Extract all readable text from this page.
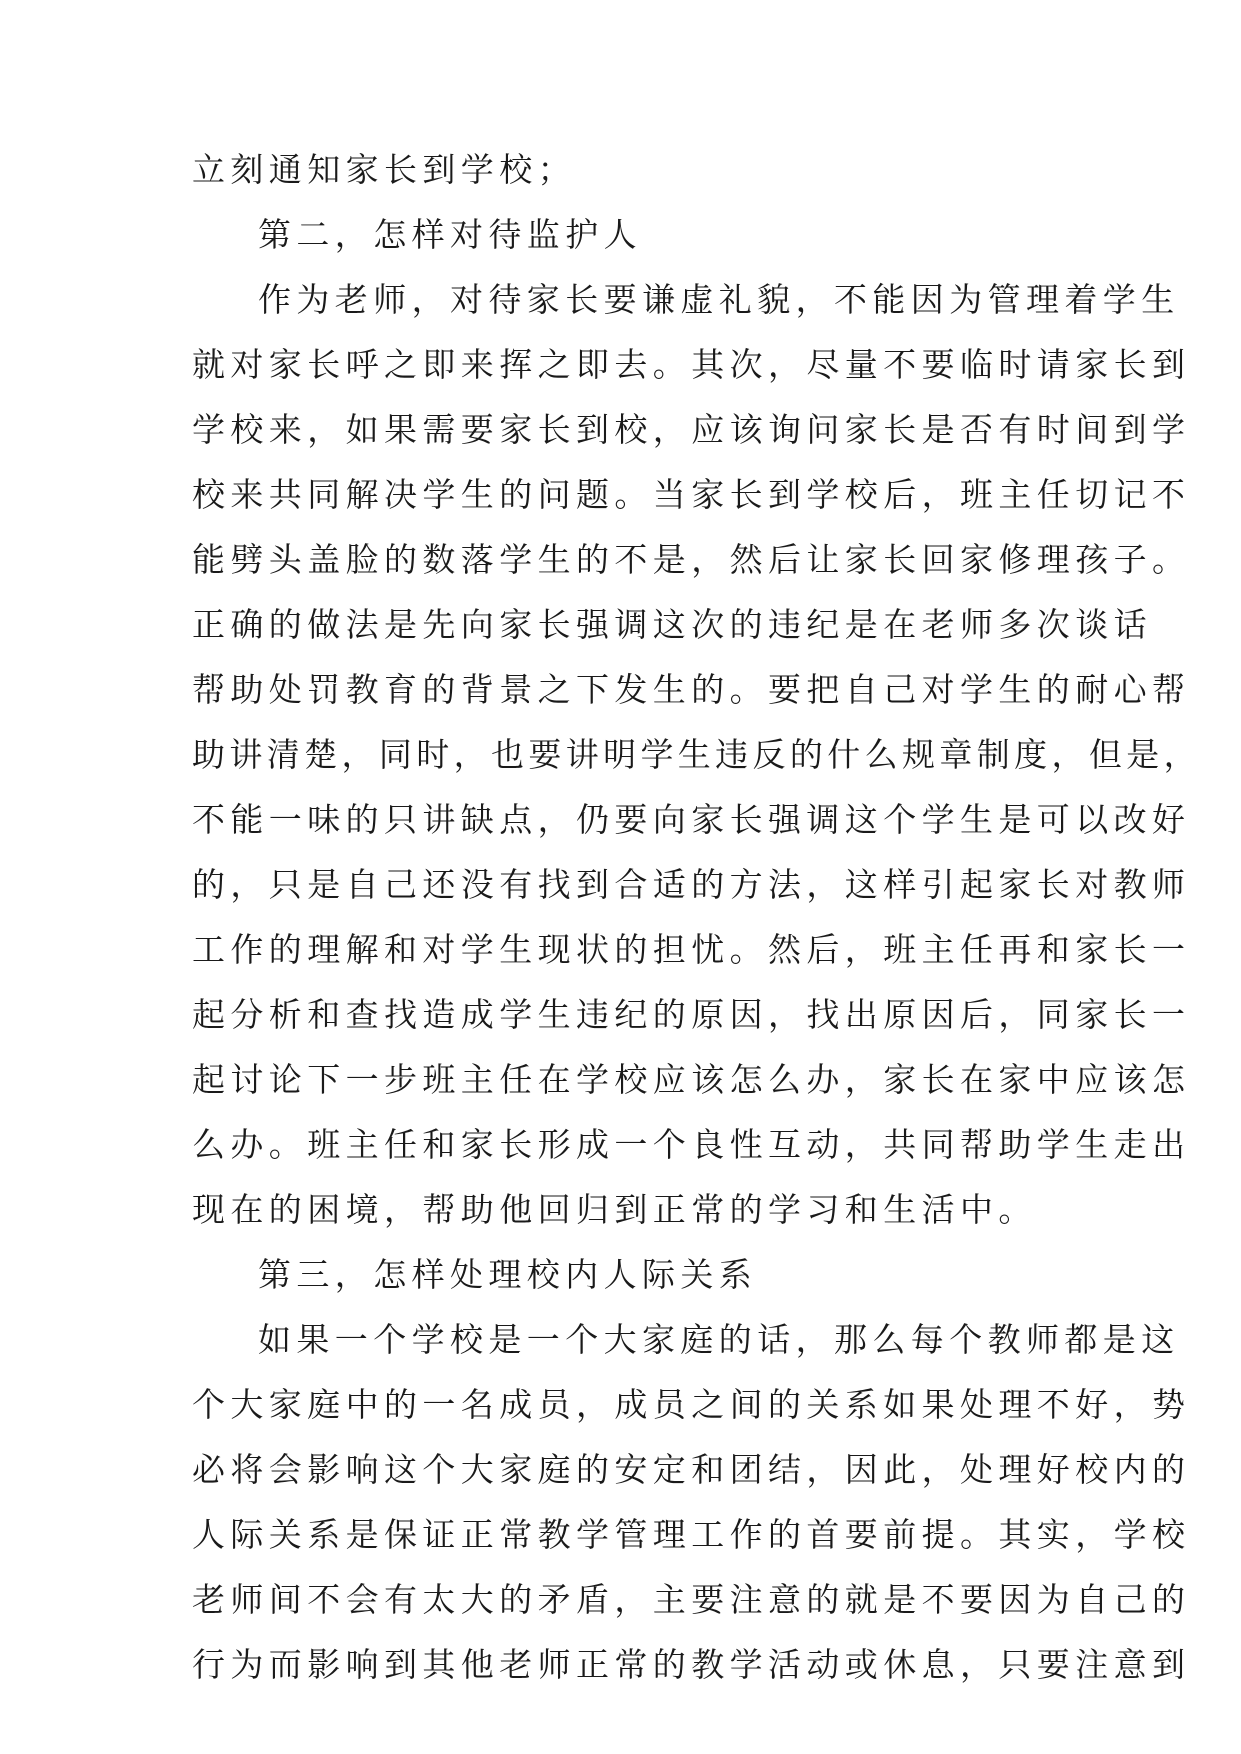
立刻通知家长到学校；
第二，怎样对待监护人
作为老师，对待家长要谦虚礼貌，不能因为管理着学生
就对家长呼之即来挥之即去。其次，尽量不要临时请家长到
学校来，如果需要家长到校，应该询问家长是否有时间到学
校来共同解决学生的问题。当家长到学校后，班主任切记不
能劈头盖脸的数落学生的不是，然后让家长回家修理孩子。
正确的做法是先向家长强调这次的违纪是在老师多次谈话
帮助处罚教育的背景之下发生的。要把自己对学生的耐心帮
助讲清楚，同时，也要讲明学生违反的什么规章制度，但是，
不能一味的只讲缺点，仍要向家长强调这个学生是可以改好
的，只是自己还没有找到合适的方法，这样引起家长对教师
工作的理解和对学生现状的担忧。然后，班主任再和家长一
起分析和查找造成学生违纪的原因，找出原因后，同家长一
起讨论下一步班主任在学校应该怎么办，家长在家中应该怎
么办。班主任和家长形成一个良性互动，共同帮助学生走出
现在的困境，帮助他回归到正常的学习和生活中。
第三，怎样处理校内人际关系
如果一个学校是一个大家庭的话，那么每个教师都是这
个大家庭中的一名成员，成员之间的关系如果处理不好，势
必将会影响这个大家庭的安定和团结，因此，处理好校内的
人际关系是保证正常教学管理工作的首要前提。其实，学校
老师间不会有太大的矛盾，主要注意的就是不要因为自己的
行为而影响到其他老师正常的教学活动或休息，只要注意到
